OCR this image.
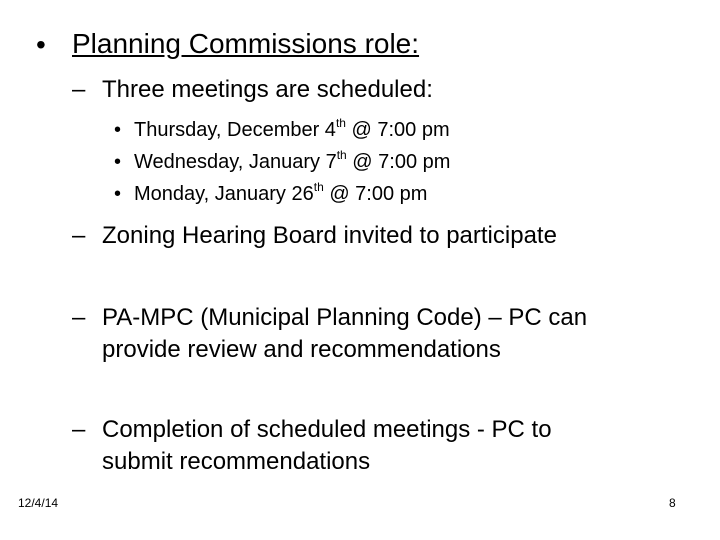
• Planning Commissions role:
– Three meetings are scheduled:
• Thursday, December 4th @ 7:00 pm
• Wednesday, January 7th @ 7:00 pm
• Monday, January 26th @ 7:00 pm
– Zoning Hearing Board invited to participate
– PA-MPC (Municipal Planning Code) – PC can
provide review and recommendations
– Completion of scheduled meetings - PC to
submit recommendations
12/4/14	8
